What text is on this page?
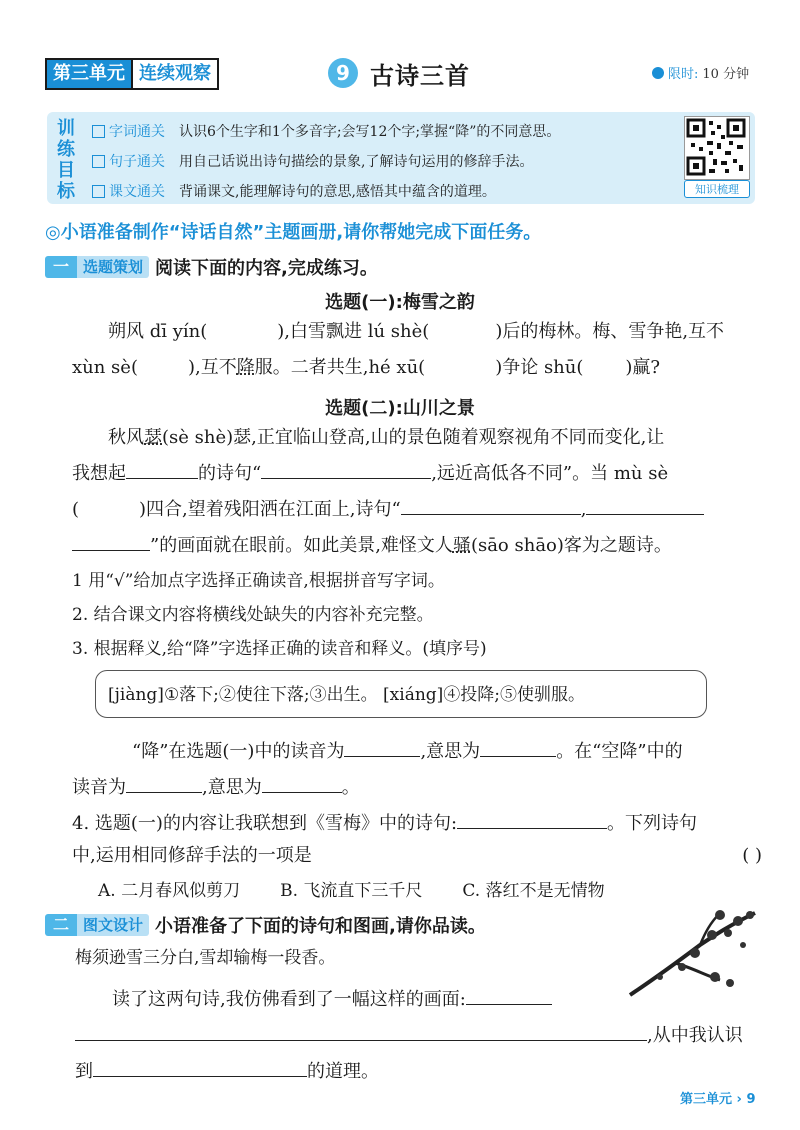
第三单元 连续观察	9 古诗三首	限时: 10 分钟
训
练
目
标
字词通关 认识6个生字和1个多音字;会写12个字;掌握“降”的不同意思。
句子通关 用自己话说出诗句描绘的景象,了解诗句运用的修辞手法。
课文通关 背诵课文,能理解诗句的意思,感悟其中蕴含的道理。	知识梳理
◎小语准备制作“诗话自然”主题画册,请你帮她完成下面任务。
一 选题策划 阅读下面的内容,完成练习。
选题(一):梅雪之韵
朔风 dī yín(	),白雪飘进 lú shè(	)后的梅林。梅、雪争艳,互不
xùn sè(	),互不降服。二者共生,hé xū(	)争论 shū( )赢?
选题(二):山川之景
秋风瑟(sè shè)瑟,正宜临山登高,山的景色随着观察视角不同而变化,让
我想起	的诗句“	,远近高低各不同”。当 mù sè
(	)四合,望着残阳洒在江面上,诗句“	,
”的画面就在眼前。如此美景,难怪文人骚(sāo shāo)客为之题诗。
1 用“√”给加点字选择正确读音,根据拼音写字词。
2. 结合课文内容将横线处缺失的内容补充完整。
3. 根据释义,给“降”字选择正确的读音和释义。(填序号)
[jiàng]①落下;②使往下落;③出生。 [xiáng]④投降;⑤使驯服。
“降”在选题(一)中的读音为	,意思为	。在“空降”中的
读音为	,意思为	。
4. 选题(一)的内容让我联想到《雪梅》中的诗句:	。下列诗句
中,运用相同修辞手法的一项是	( )
A. 二月春风似剪刀 B. 飞流直下三千尺 C. 落红不是无情物
二 图文设计 小语准备了下面的诗句和图画,请你品读。
梅须逊雪三分白,雪却输梅一段香。
读了这两句诗,我仿佛看到了一幅这样的画面:
,从中我认识
到	的道理。
第三单元 › 9
